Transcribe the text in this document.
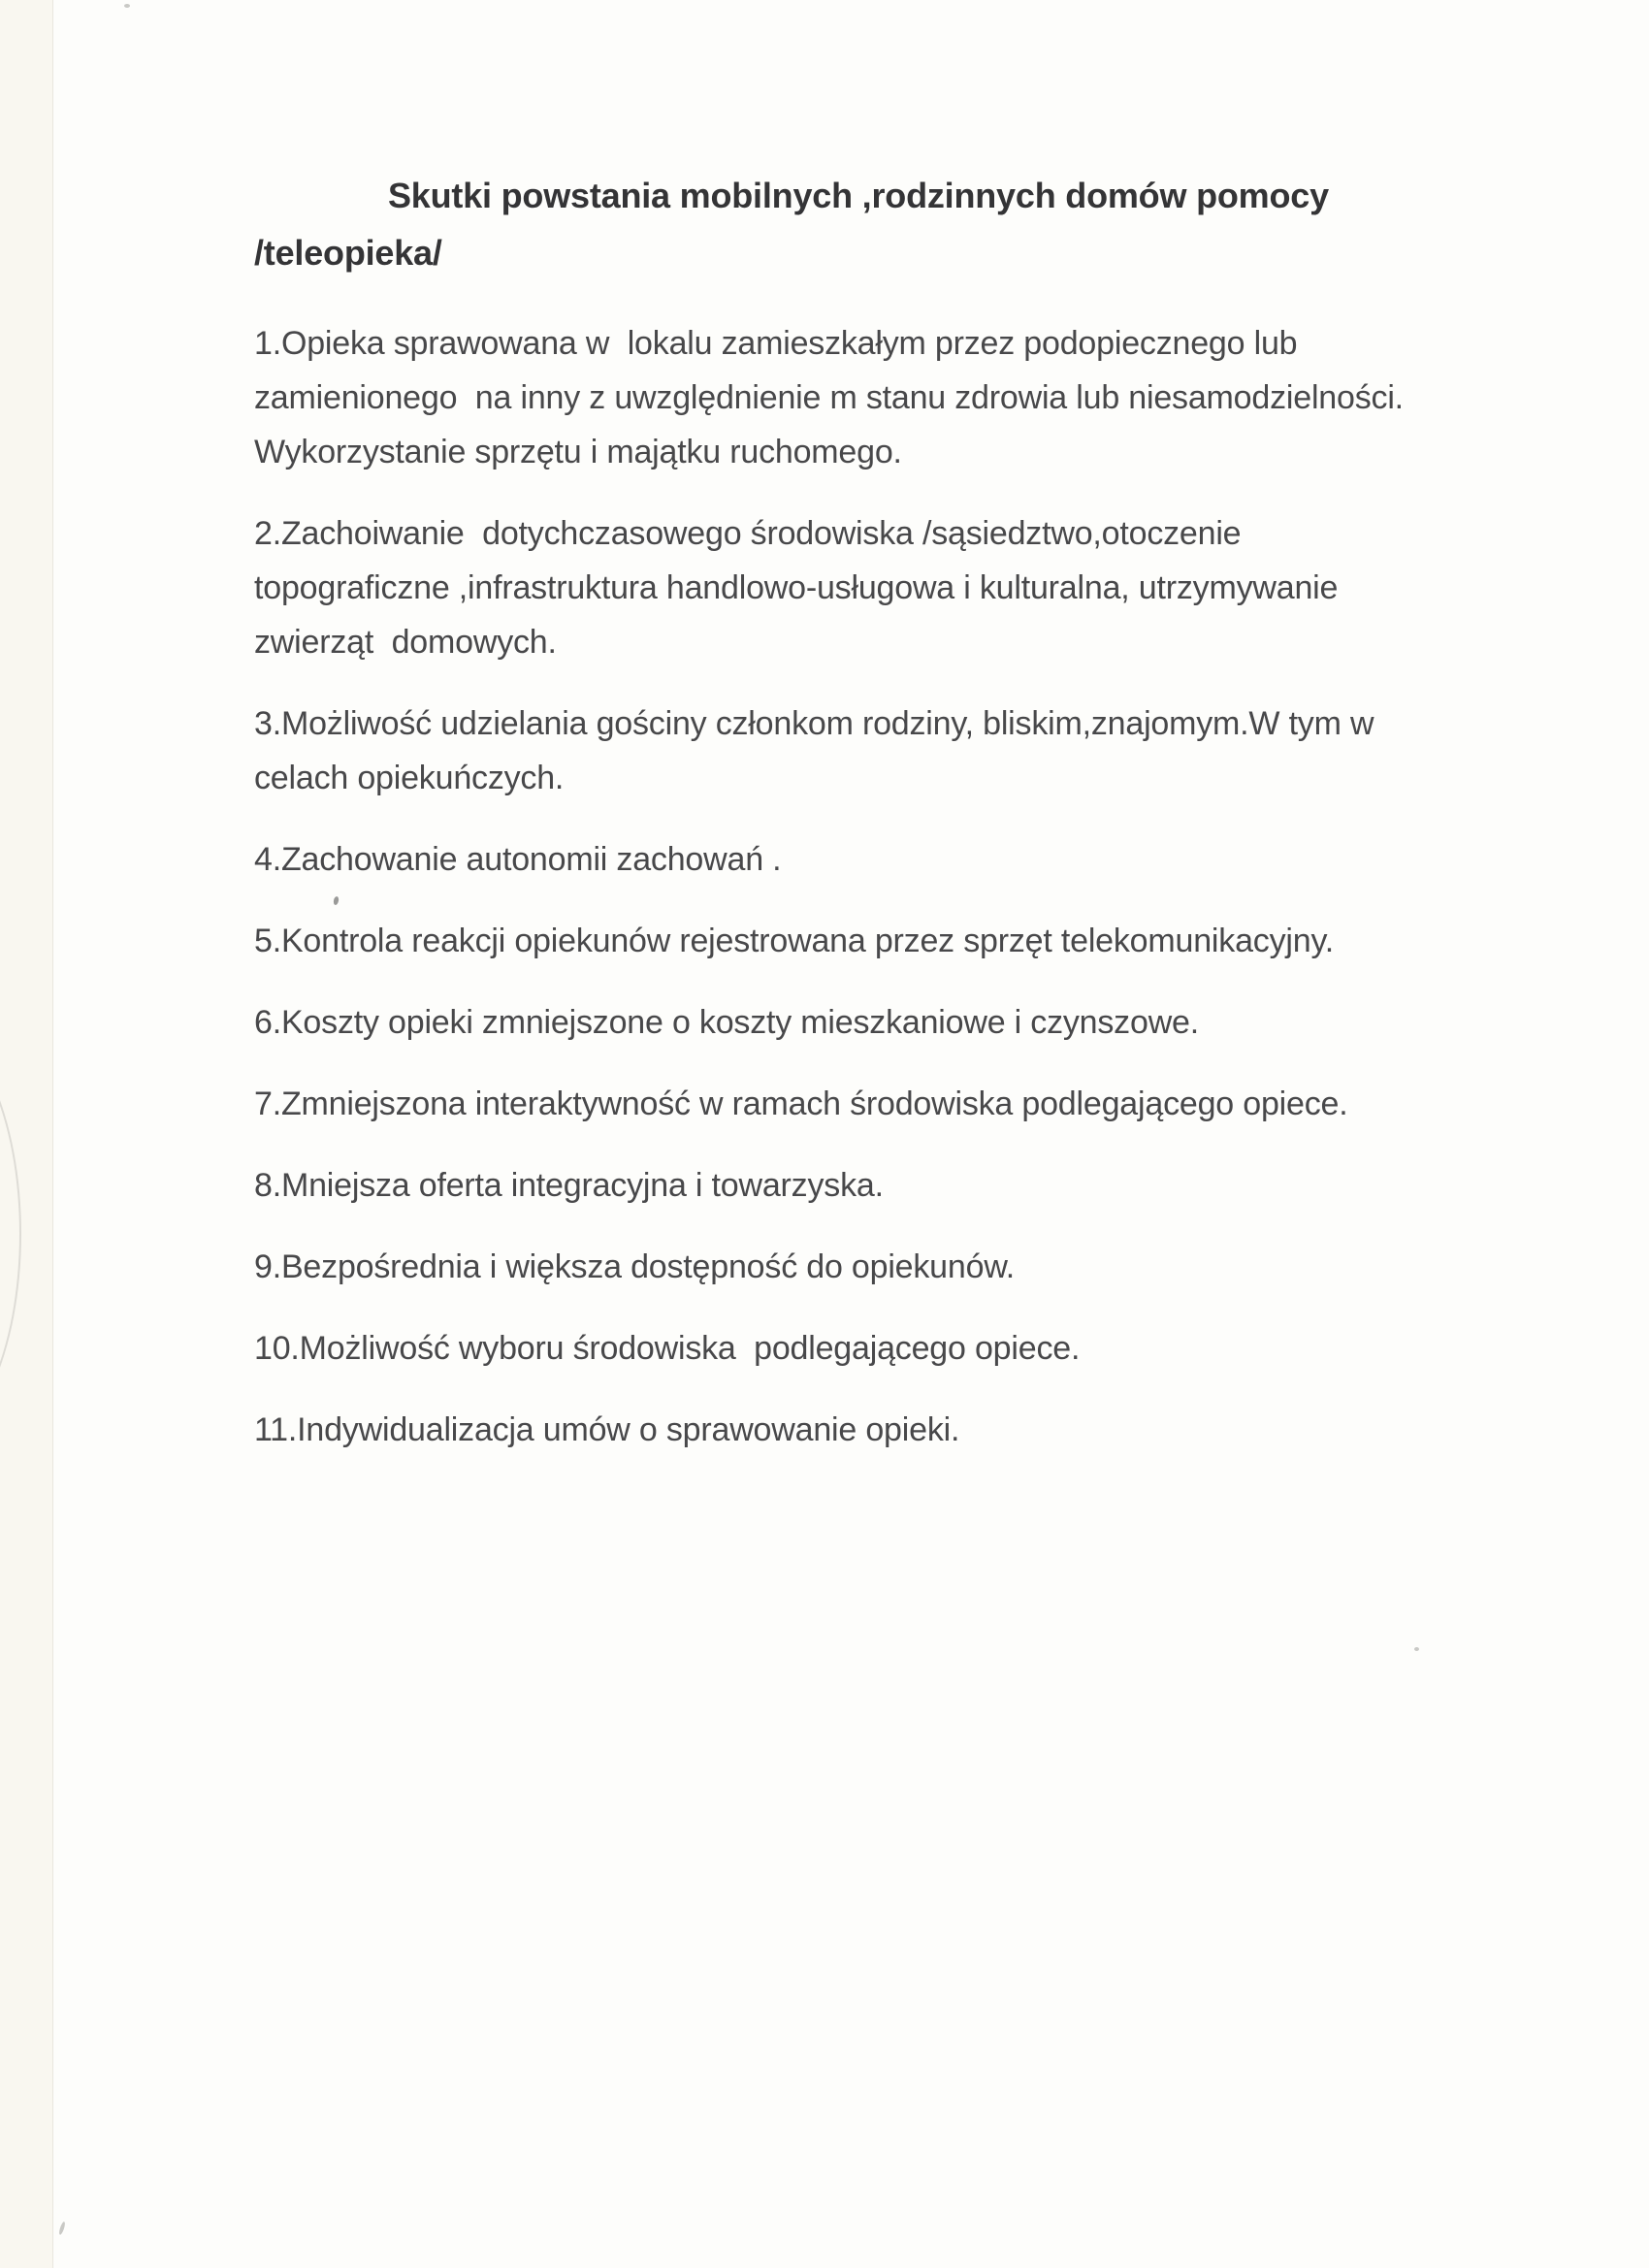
Skutki powstania mobilnych ,rodzinnych domów pomocy
/teleopieka/

1.Opieka sprawowana w  lokalu zamieszkałym przez podopiecznego lub
zamienionego  na inny z uwzględnienie m stanu zdrowia lub niesamodzielności.
Wykorzystanie sprzętu i majątku ruchomego.

2.Zachoiwanie  dotychczasowego środowiska /sąsiedztwo,otoczenie
topograficzne ,infrastruktura handlowo-usługowa i kulturalna, utrzymywanie
zwierząt  domowych.

3.Możliwość udzielania gościny członkom rodziny, bliskim,znajomym.W tym w
celach opiekuńczych.

4.Zachowanie autonomii zachowań .

5.Kontrola reakcji opiekunów rejestrowana przez sprzęt telekomunikacyjny.

6.Koszty opieki zmniejszone o koszty mieszkaniowe i czynszowe.

7.Zmniejszona interaktywność w ramach środowiska podlegającego opiece.

8.Mniejsza oferta integracyjna i towarzyska.

9.Bezpośrednia i większa dostępność do opiekunów.

10.Możliwość wyboru środowiska  podlegającego opiece.

11.Indywidualizacja umów o sprawowanie opieki.
